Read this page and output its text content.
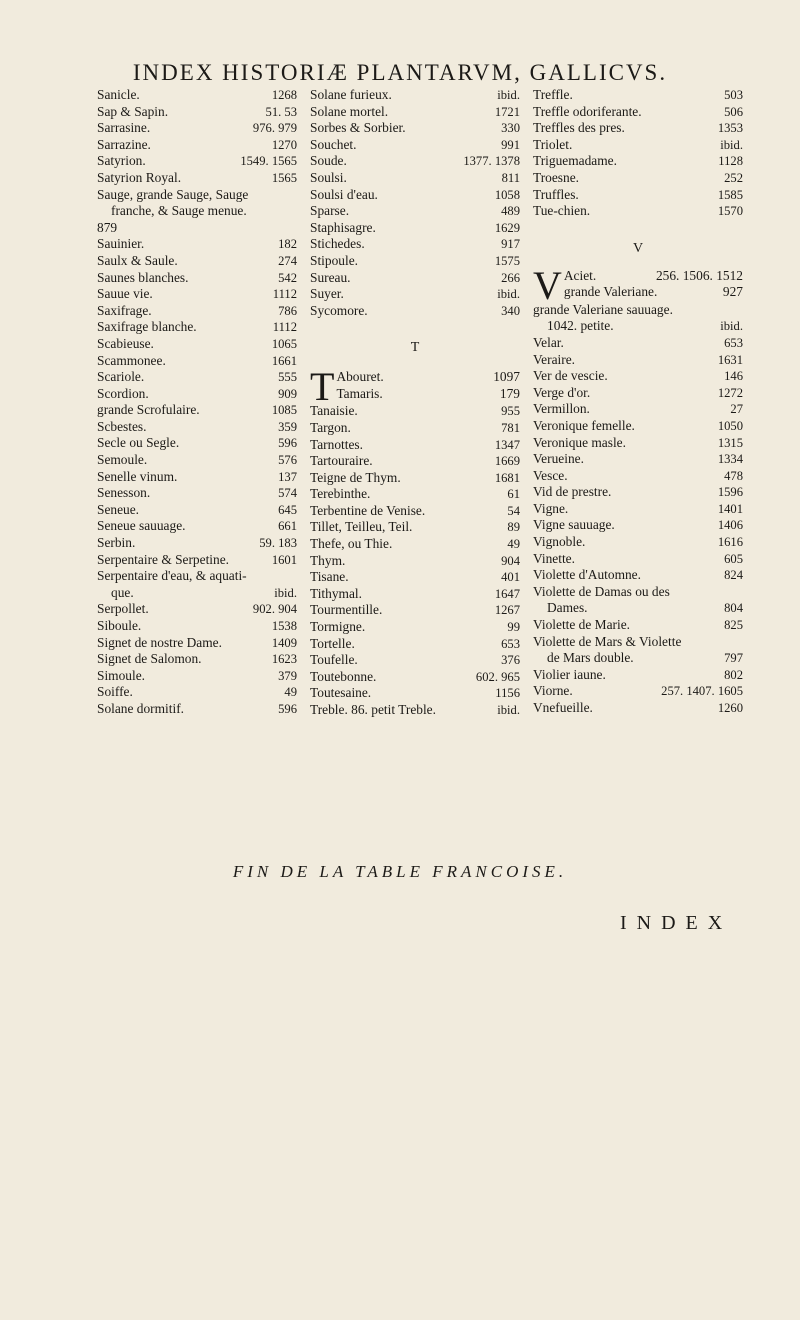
INDEX HISTORIÆ PLANTARVM, GALLICVS.
Sanicle.	1268
Sap & Sapin.	51. 53
Sarrasine.	976. 979
Sarrazine.	1270
Satyrion.	1549. 1565
Satyrion Royal.	1565
Sauge, grande Sauge, Sauge
franche, & Sauge menue.
879
Sauinier.	182
Saulx & Saule.	274
Saunes blanches.	542
Sauue vie.	1112
Saxifrage.	786
Saxifrage blanche.	1112
Scabieuse.	1065
Scammonee.	1661
Scariole.	555
Scordion.	909
grande Scrofulaire.	1085
Scbestes.	359
Secle ou Segle.	596
Semoule.	576
Senelle vinum.	137
Senesson.	574
Seneue.	645
Seneue sauuage.	661
Serbin.	59. 183
Serpentaire & Serpetine.	1601
Serpentaire d'eau, & aquati-
que.	ibid.
Serpollet.	902. 904
Siboule.	1538
Signet de nostre Dame.	1409
Signet de Salomon.	1623
Simoule.	379
Soiffe.	49
Solane dormitif.	596
Solane furieux.	ibid.
Solane mortel.	1721
Sorbes & Sorbier.	330
Souchet.	991
Soude.	1377. 1378
Soulsi.	811
Soulsi d'eau.	1058
Sparse.	489
Staphisagre.	1629
Stichedes.	917
Stipoule.	1575
Sureau.	266
Suyer.	ibid.
Sycomore.	340
T
T Abouret.	1097
Tamaris.	179
Tanaisie.	955
Targon.	781
Tarnottes.	1347
Tartouraire.	1669
Teigne de Thym.	1681
Terebinthe.	61
Terbentine de Venise.	54
Tillet, Teilleu, Teil.	89
Thefe, ou Thie.	49
Thym.	904
Tisane.	401
Tithymal.	1647
Tourmentille.	1267
Tormigne.	99
Tortelle.	653
Toufelle.	376
Toutebonne.	602. 965
Toutesaine.	1156
Treble. 86. petit Treble.	ibid.
Treffle.	503
Treffle odoriferante.	506
Treffles des pres.	1353
Triolet.	ibid.
Triguemadame.	1128
Troesne.	252
Truffles.	1585
Tue-chien.	1570
V
V Aciet.	256. 1506. 1512
grande Valeriane.	927
grande Valeriane sauuage.
1042. petite.	ibid.
Velar.	653
Veraire.	1631
Ver de vescie.	146
Verge d'or.	1272
Vermillon.	27
Veronique femelle.	1050
Veronique masle.	1315
Verueine.	1334
Vesce.	478
Vid de prestre.	1596
Vigne.	1401
Vigne sauuage.	1406
Vignoble.	1616
Vinette.	605
Violette d'Automne.	824
Violette de Damas ou des
Dames.	804
Violette de Marie.	825
Violette de Mars & Violette
de Mars double.	797
Violier iaune.	802
Viorne.	257. 1407. 1605
Vnefueille.	1260
FIN DE LA TABLE FRANCOISE.
INDEX
